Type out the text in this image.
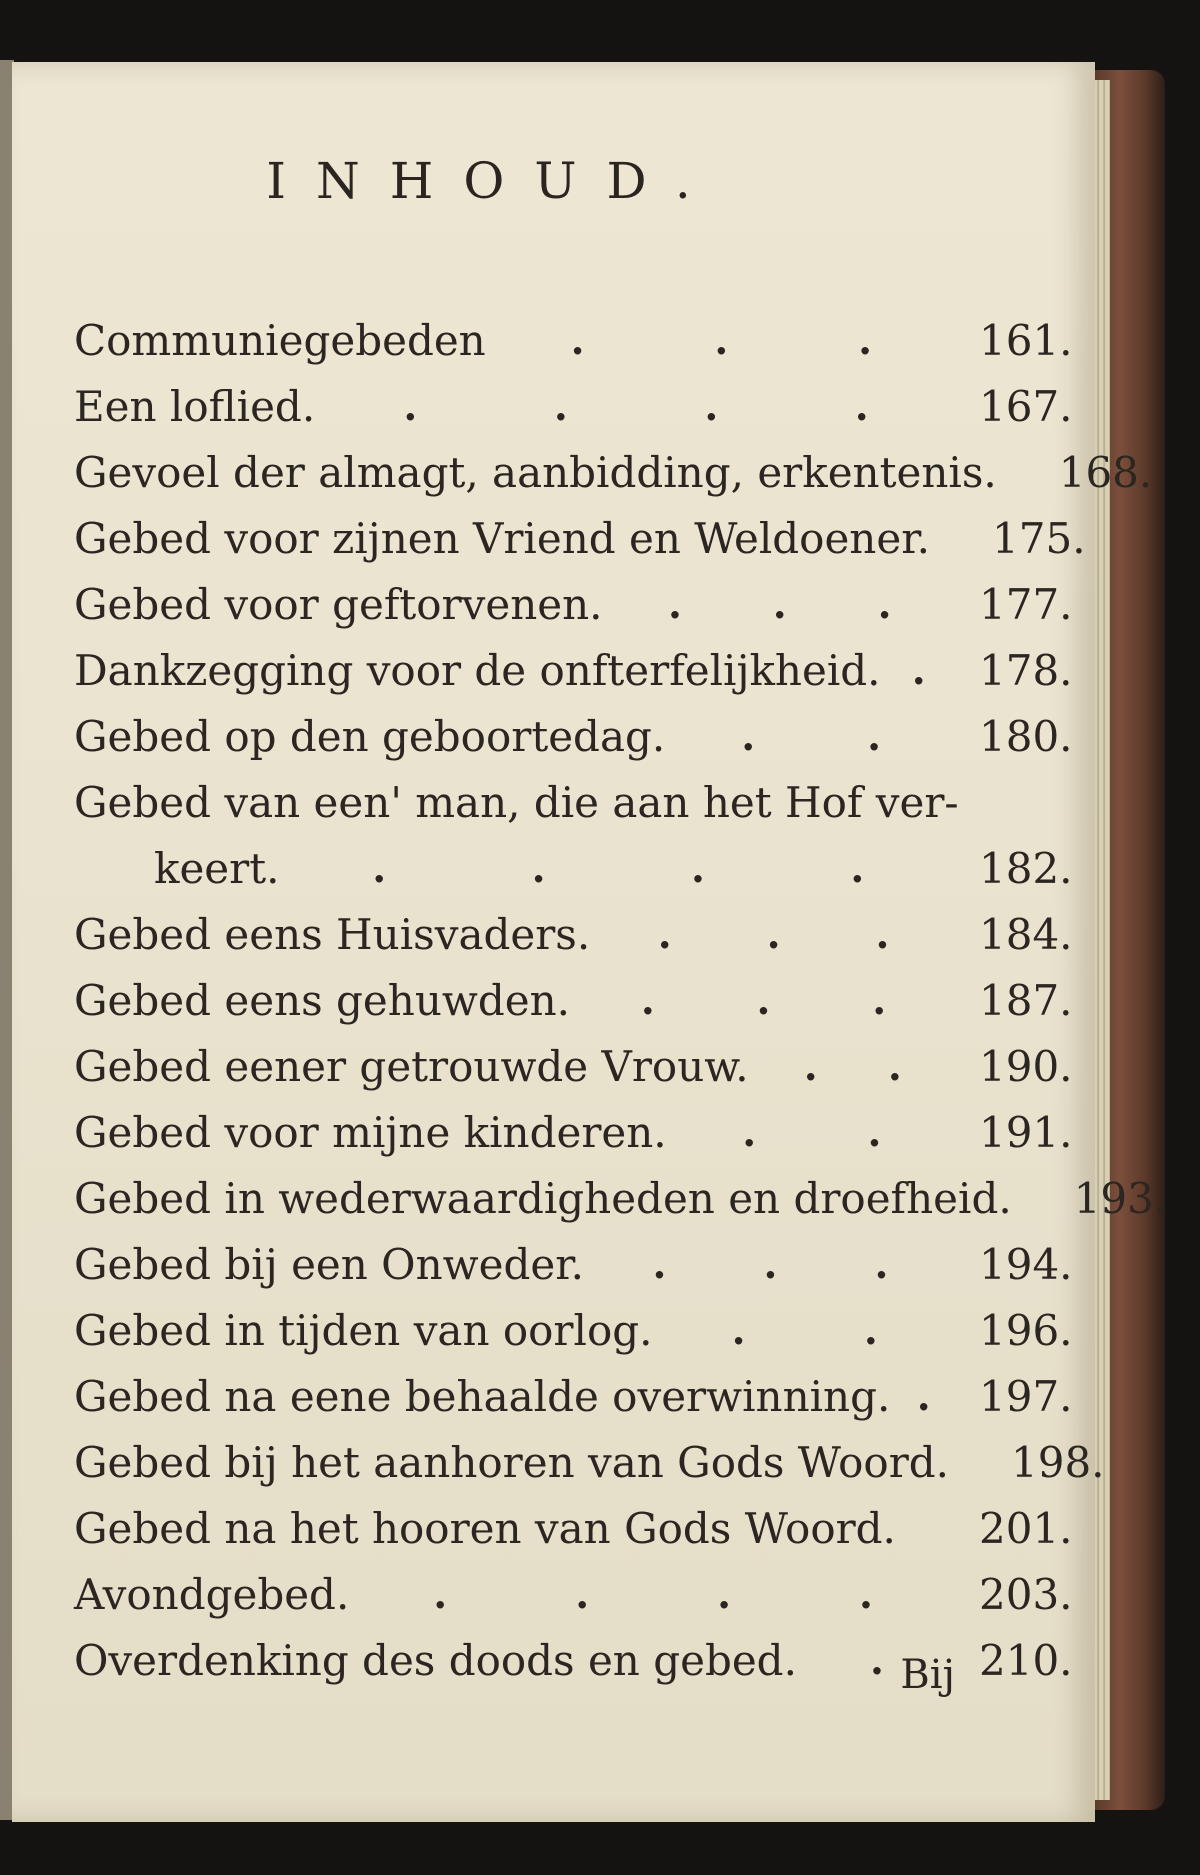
INHOUD.
Communiegebeden .	.	.	161.
Een loflied. .	.	.	.	167.
Gevoel der almagt, aanbidding, erkentenis.	168.
Gebed voor zijnen Vriend en Weldoener.	175.
Gebed voor geftorvenen. . . .	177.
Dankzegging voor de onfterfelijkheid. .	178.
Gebed op den geboortedag. .	.	180.
Gebed van een' man, die aan het Hof ver-
keert. .	.	.	.	182.
Gebed eens Huisvaders. . . .	184.
Gebed eens gehuwden. .	.	.	187.
Gebed eener getrouwde Vrouw. . .	190.
Gebed voor mijne kinderen. .	.	191.
Gebed in wederwaardigheden en droefheid.	193.
Gebed bij een Onweder. . . .	194.
Gebed in tijden van oorlog. .	.	196.
Gebed na eene behaalde overwinning. .	197.
Gebed bij het aanhoren van Gods Woord.	198.
Gebed na het hooren van Gods Woord.	201.
Avondgebed. .	.	.	.	203.
Overdenking des doods en gebed. .	210.
Bij
